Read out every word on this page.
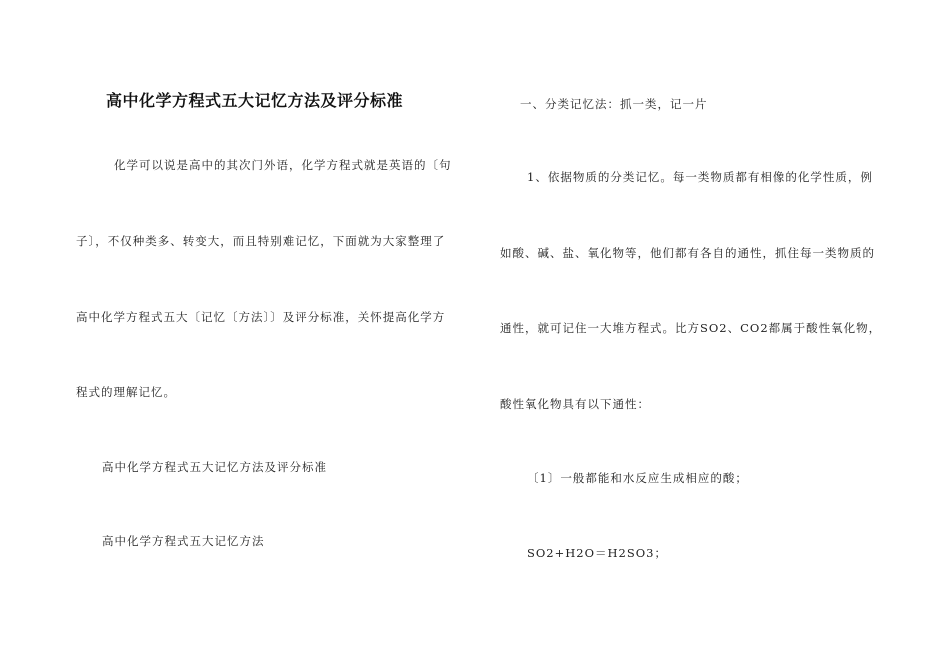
高中化学方程式五大记忆方法及评分标准
化学可以说是高中的其次门外语，化学方程式就是英语的〔句
子〕，不仅种类多、转变大，而且特别难记忆，下面就为大家整理了
高中化学方程式五大〔记忆〔方法〕〕及评分标准，关怀提高化学方
程式的理解记忆。
高中化学方程式五大记忆方法及评分标准
高中化学方程式五大记忆方法
一、分类记忆法：抓一类，记一片
1、依据物质的分类记忆。每一类物质都有相像的化学性质，例
如酸、碱、盐、氧化物等，他们都有各自的通性，抓住每一类物质的
通性，就可记住一大堆方程式。比方SO2、CO2都属于酸性氧化物，
酸性氧化物具有以下通性：
〔1〕一般都能和水反应生成相应的酸；
SO2+H2O＝H2SO3；
